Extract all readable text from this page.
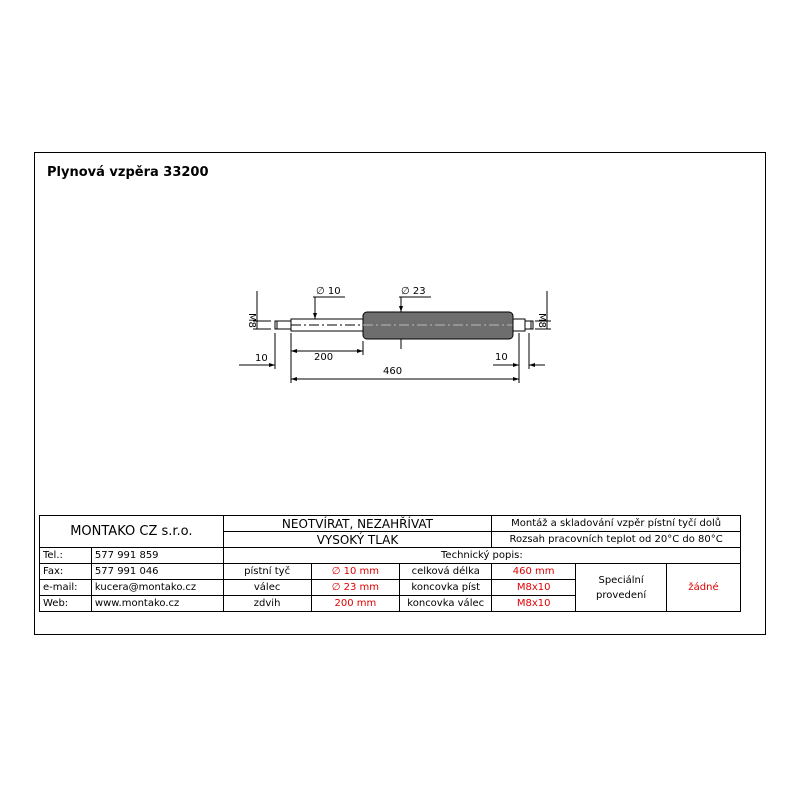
Plynová vzpěra 33200
∅ 10	∅ 23
M8	M8
10	200	10
460
MONTAKO CZ s.r.o.		NEOTVÍRAT, NEZAHŘÍVAT			Montáž a skladování vzpěr pístní tyčí dolů		
		VYSOKÝ TLAK			Rozsah pracovních teplot od 20°C do 80°C		
Tel.:	577 991 859	Technický popis:					
Fax:	577 991 046	pístní tyč	∅ 10 mm	celková délka	460 mm	Speciální provedení	žádné
e-mail:	kucera@montako.cz	válec	∅ 23 mm	koncovka píst	M8x10		
Web:	www.montako.cz	zdvih	200 mm	koncovka válec	M8x10		
